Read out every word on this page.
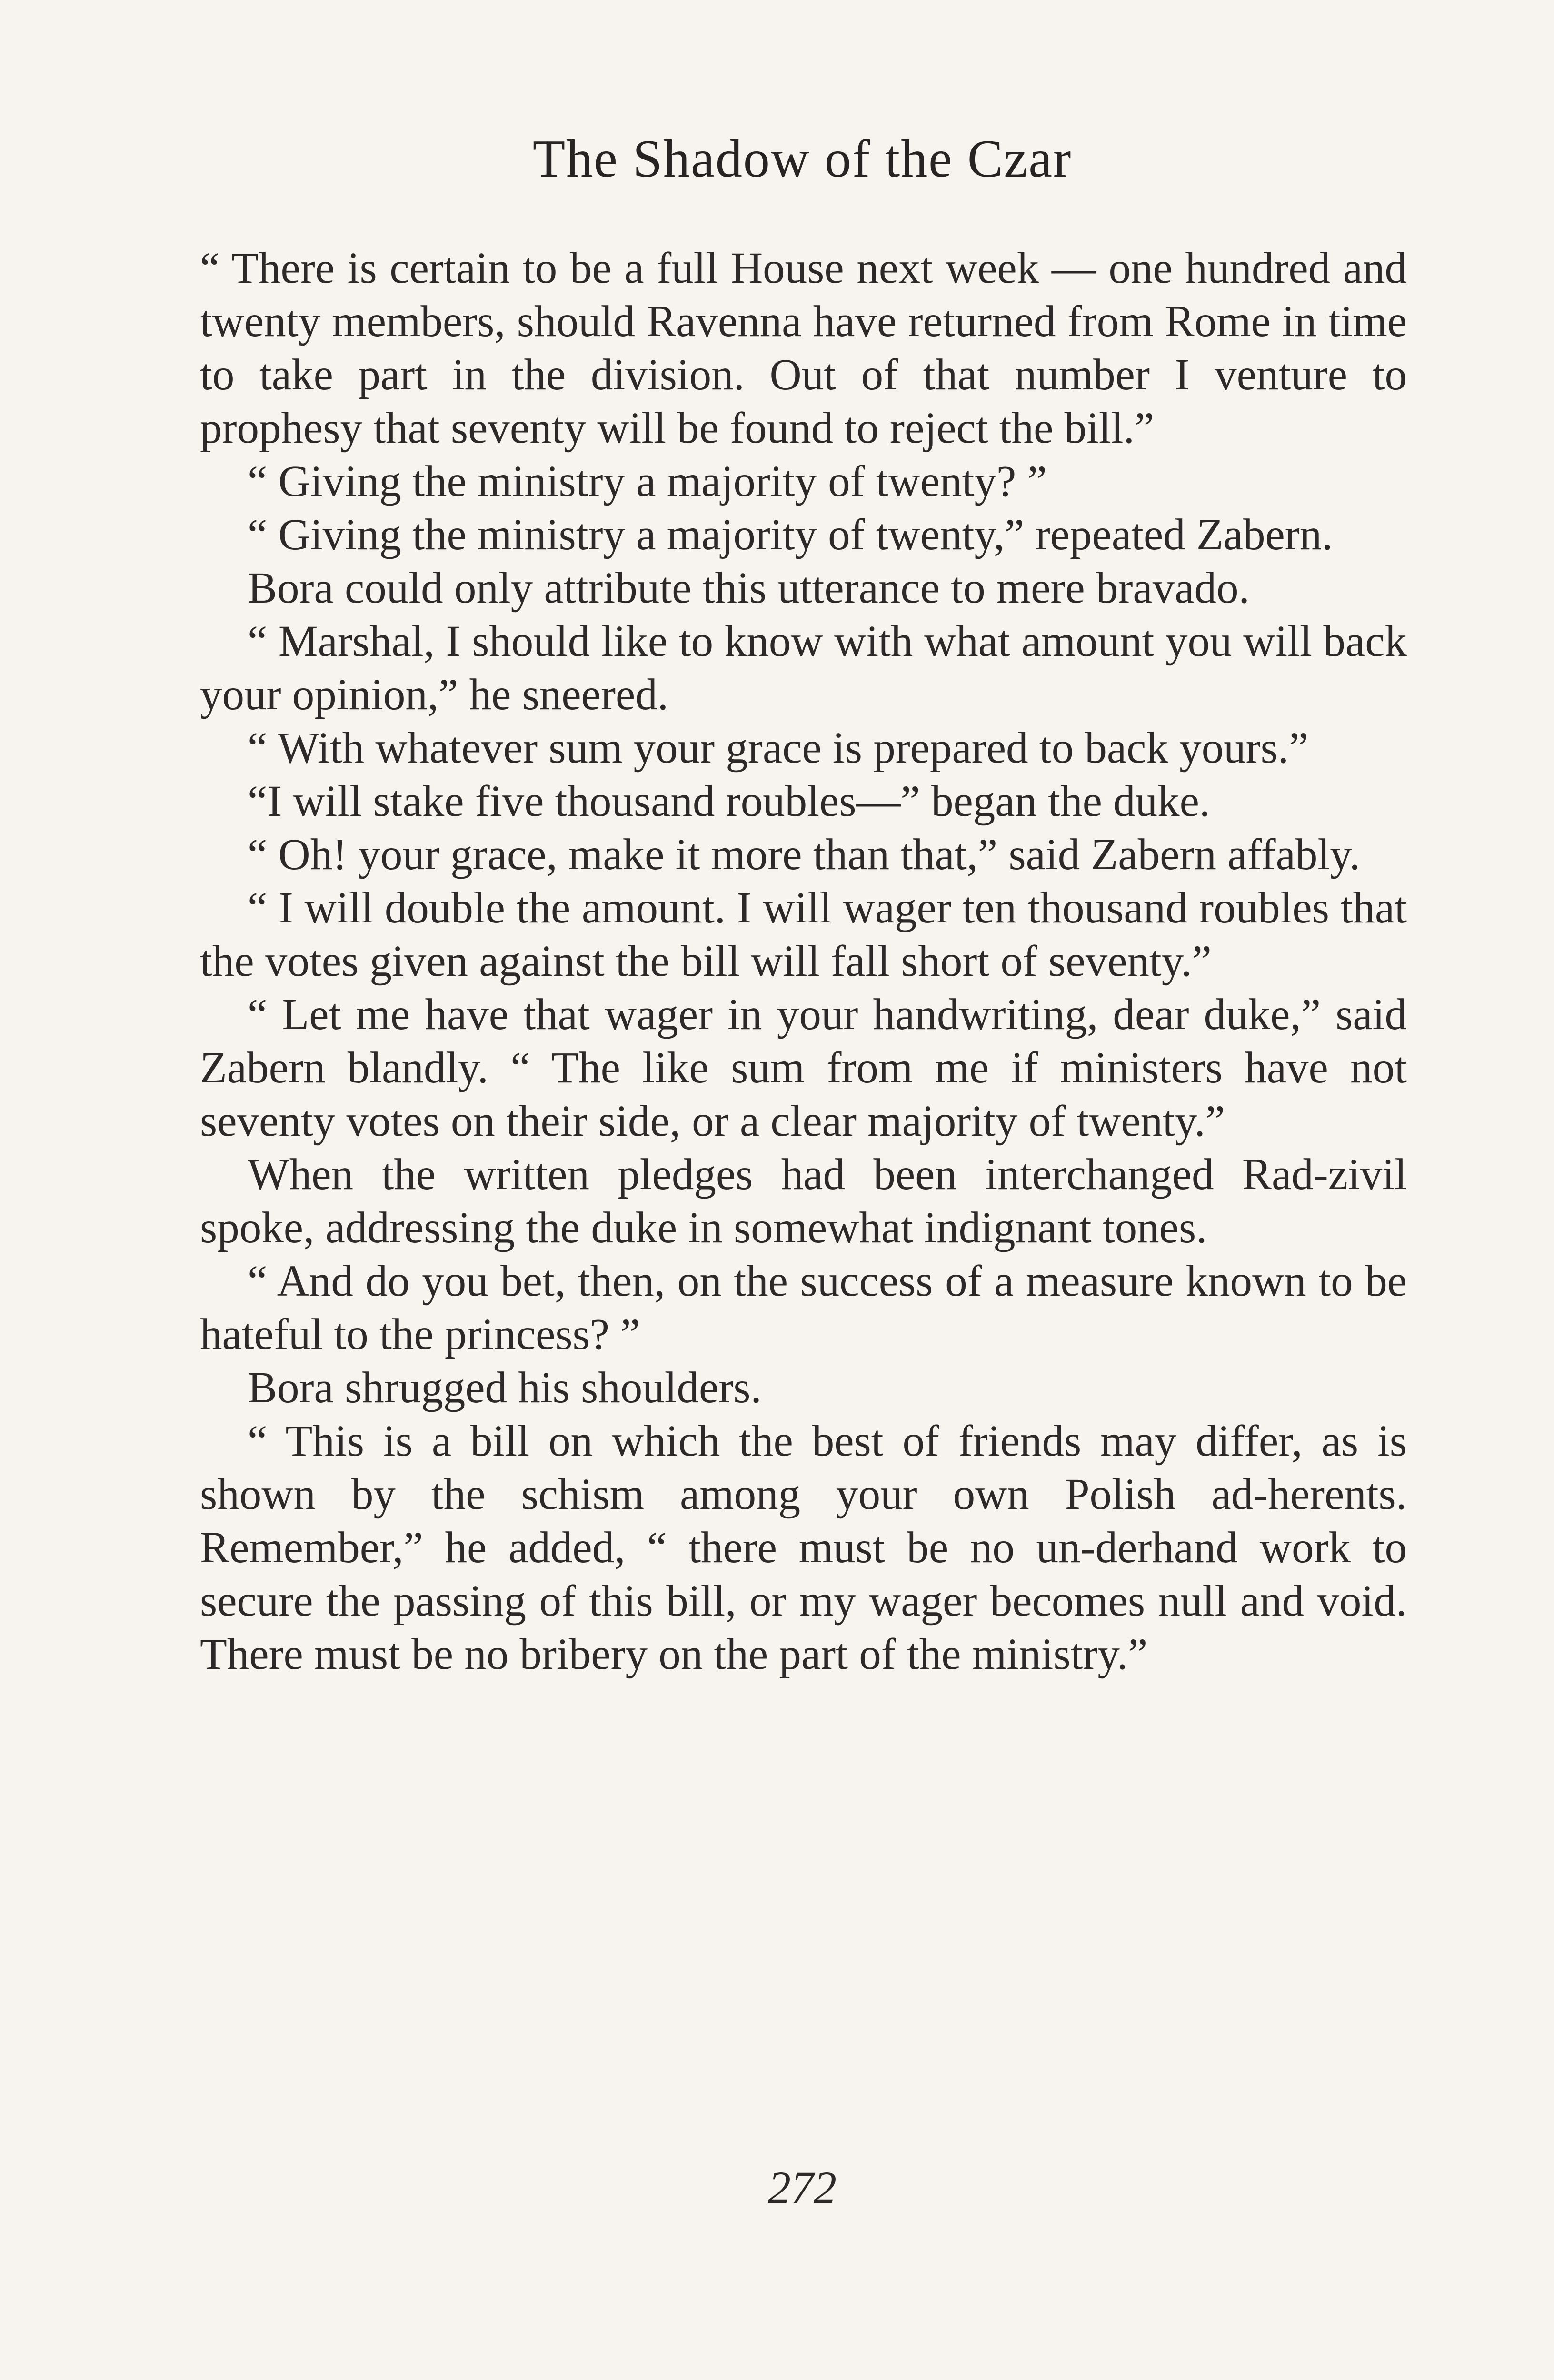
The Shadow of the Czar

“ There is certain to be a full House next week — one hundred and twenty members, should Ravenna have returned from Rome in time to take part in the division. Out of that number I venture to prophesy that seventy will be found to reject the bill.”

“ Giving the ministry a majority of twenty? ”

“ Giving the ministry a majority of twenty,” repeated Zabern.

Bora could only attribute this utterance to mere bravado.

“ Marshal, I should like to know with what amount you will back your opinion,” he sneered.

“ With whatever sum your grace is prepared to back yours.”

“I will stake five thousand roubles—” began the duke.

“ Oh! your grace, make it more than that,” said Zabern affably.

“ I will double the amount. I will wager ten thousand roubles that the votes given against the bill will fall short of seventy.”

“ Let me have that wager in your handwriting, dear duke,” said Zabern blandly. “ The like sum from me if ministers have not seventy votes on their side, or a clear majority of twenty.”

When the written pledges had been interchanged Rad-zivil spoke, addressing the duke in somewhat indignant tones.

“ And do you bet, then, on the success of a measure known to be hateful to the princess? ”

Bora shrugged his shoulders.

“ This is a bill on which the best of friends may differ, as is shown by the schism among your own Polish ad-herents. Remember,” he added, “ there must be no un-derhand work to secure the passing of this bill, or my wager becomes null and void. There must be no bribery on the part of the ministry.”

272
